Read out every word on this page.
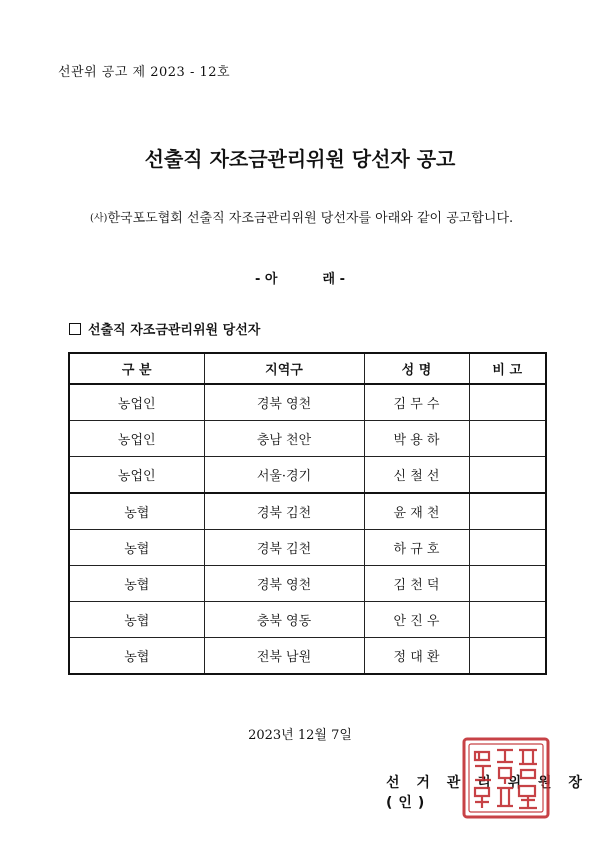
선관위 공고 제 2023 - 12호
선출직 자조금관리위원 당선자 공고
(사)한국포도협회 선출직 자조금관리위원 당선자를 아래와 같이 공고합니다.
- 아	래 -
선출직 자조금관리위원 당선자
구 분	지역구	성 명	비 고
농업인	경북 영천	김 무 수	
농업인	충남 천안	박 용 하	
농업인	서울·경기	신 철 선	
농협	경북 김천	윤 재 천	
농협	경북 김천	하 규 호	
농협	경북 영천	김 천 덕	
농협	충북 영동	안 진 우	
농협	전북 남원	정 대 환	
2023년 12월 7일
선 거 관 리 위 원 장(인)
